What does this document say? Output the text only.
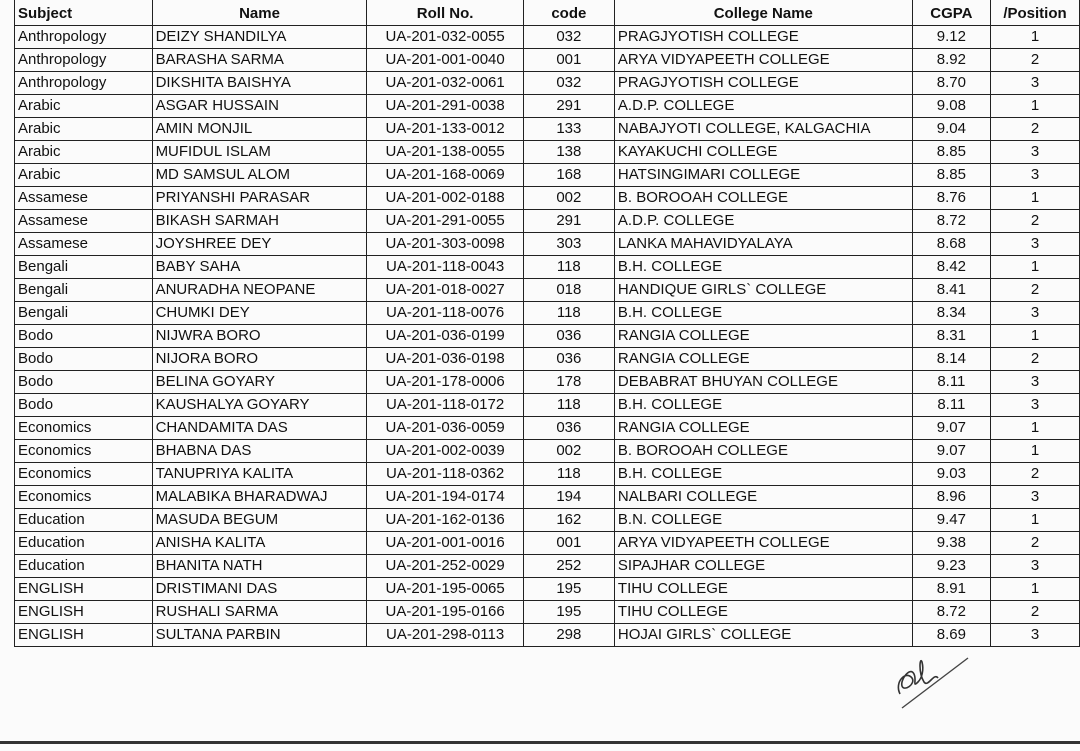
Subject	Name	Roll No.	code	College Name	CGPA	/Position
Anthropology	DEIZY SHANDILYA	UA-201-032-0055	032	PRAGJYOTISH COLLEGE	9.12	1
Anthropology	BARASHA SARMA	UA-201-001-0040	001	ARYA VIDYAPEETH COLLEGE	8.92	2
Anthropology	DIKSHITA BAISHYA	UA-201-032-0061	032	PRAGJYOTISH COLLEGE	8.70	3
Arabic	ASGAR HUSSAIN	UA-201-291-0038	291	A.D.P. COLLEGE	9.08	1
Arabic	AMIN MONJIL	UA-201-133-0012	133	NABAJYOTI COLLEGE, KALGACHIA	9.04	2
Arabic	MUFIDUL ISLAM	UA-201-138-0055	138	KAYAKUCHI COLLEGE	8.85	3
Arabic	MD SAMSUL ALOM	UA-201-168-0069	168	HATSINGIMARI COLLEGE	8.85	3
Assamese	PRIYANSHI PARASAR	UA-201-002-0188	002	B. BOROOAH COLLEGE	8.76	1
Assamese	BIKASH SARMAH	UA-201-291-0055	291	A.D.P. COLLEGE	8.72	2
Assamese	JOYSHREE DEY	UA-201-303-0098	303	LANKA MAHAVIDYALAYA	8.68	3
Bengali	BABY SAHA	UA-201-118-0043	118	B.H. COLLEGE	8.42	1
Bengali	ANURADHA NEOPANE	UA-201-018-0027	018	HANDIQUE GIRLS` COLLEGE	8.41	2
Bengali	CHUMKI DEY	UA-201-118-0076	118	B.H. COLLEGE	8.34	3
Bodo	NIJWRA BORO	UA-201-036-0199	036	RANGIA COLLEGE	8.31	1
Bodo	NIJORA BORO	UA-201-036-0198	036	RANGIA COLLEGE	8.14	2
Bodo	BELINA GOYARY	UA-201-178-0006	178	DEBABRAT BHUYAN COLLEGE	8.11	3
Bodo	KAUSHALYA GOYARY	UA-201-118-0172	118	B.H. COLLEGE	8.11	3
Economics	CHANDAMITA DAS	UA-201-036-0059	036	RANGIA COLLEGE	9.07	1
Economics	BHABNA DAS	UA-201-002-0039	002	B. BOROOAH COLLEGE	9.07	1
Economics	TANUPRIYA KALITA	UA-201-118-0362	118	B.H. COLLEGE	9.03	2
Economics	MALABIKA BHARADWAJ	UA-201-194-0174	194	NALBARI COLLEGE	8.96	3
Education	MASUDA BEGUM	UA-201-162-0136	162	B.N. COLLEGE	9.47	1
Education	ANISHA KALITA	UA-201-001-0016	001	ARYA VIDYAPEETH COLLEGE	9.38	2
Education	BHANITA NATH	UA-201-252-0029	252	SIPAJHAR COLLEGE	9.23	3
ENGLISH	DRISTIMANI DAS	UA-201-195-0065	195	TIHU COLLEGE	8.91	1
ENGLISH	RUSHALI SARMA	UA-201-195-0166	195	TIHU COLLEGE	8.72	2
ENGLISH	SULTANA PARBIN	UA-201-298-0113	298	HOJAI GIRLS` COLLEGE	8.69	3
